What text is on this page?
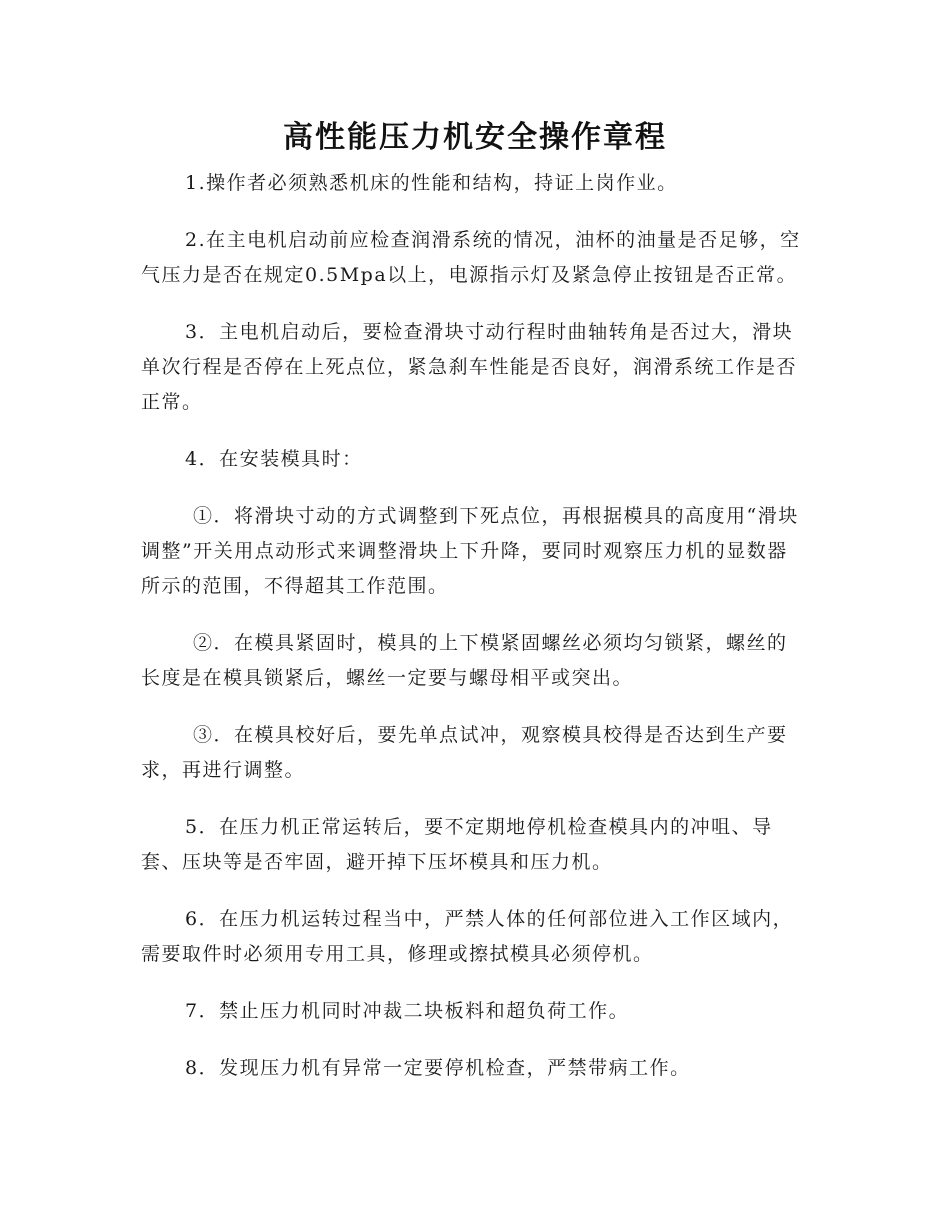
高性能压力机安全操作章程

1.操作者必须熟悉机床的性能和结构，持证上岗作业。

2.在主电机启动前应检查润滑系统的情况，油杯的油量是否足够，空气压力是否在规定0.5Mpa以上，电源指示灯及紧急停止按钮是否正常。

3．主电机启动后，要检查滑块寸动行程时曲轴转角是否过大，滑块单次行程是否停在上死点位，紧急刹车性能是否良好，润滑系统工作是否正常。

4．在安装模具时：

①．将滑块寸动的方式调整到下死点位，再根据模具的高度用“滑块调整”开关用点动形式来调整滑块上下升降，要同时观察压力机的显数器所示的范围，不得超其工作范围。

②．在模具紧固时，模具的上下模紧固螺丝必须均匀锁紧，螺丝的长度是在模具锁紧后，螺丝一定要与螺母相平或突出。

③．在模具校好后，要先单点试冲，观察模具校得是否达到生产要求，再进行调整。

5．在压力机正常运转后，要不定期地停机检查模具内的冲咀、导套、压块等是否牢固，避开掉下压坏模具和压力机。

6．在压力机运转过程当中，严禁人体的任何部位进入工作区域内，需要取件时必须用专用工具，修理或擦拭模具必须停机。

7．禁止压力机同时冲裁二块板料和超负荷工作。

8．发现压力机有异常一定要停机检查，严禁带病工作。
